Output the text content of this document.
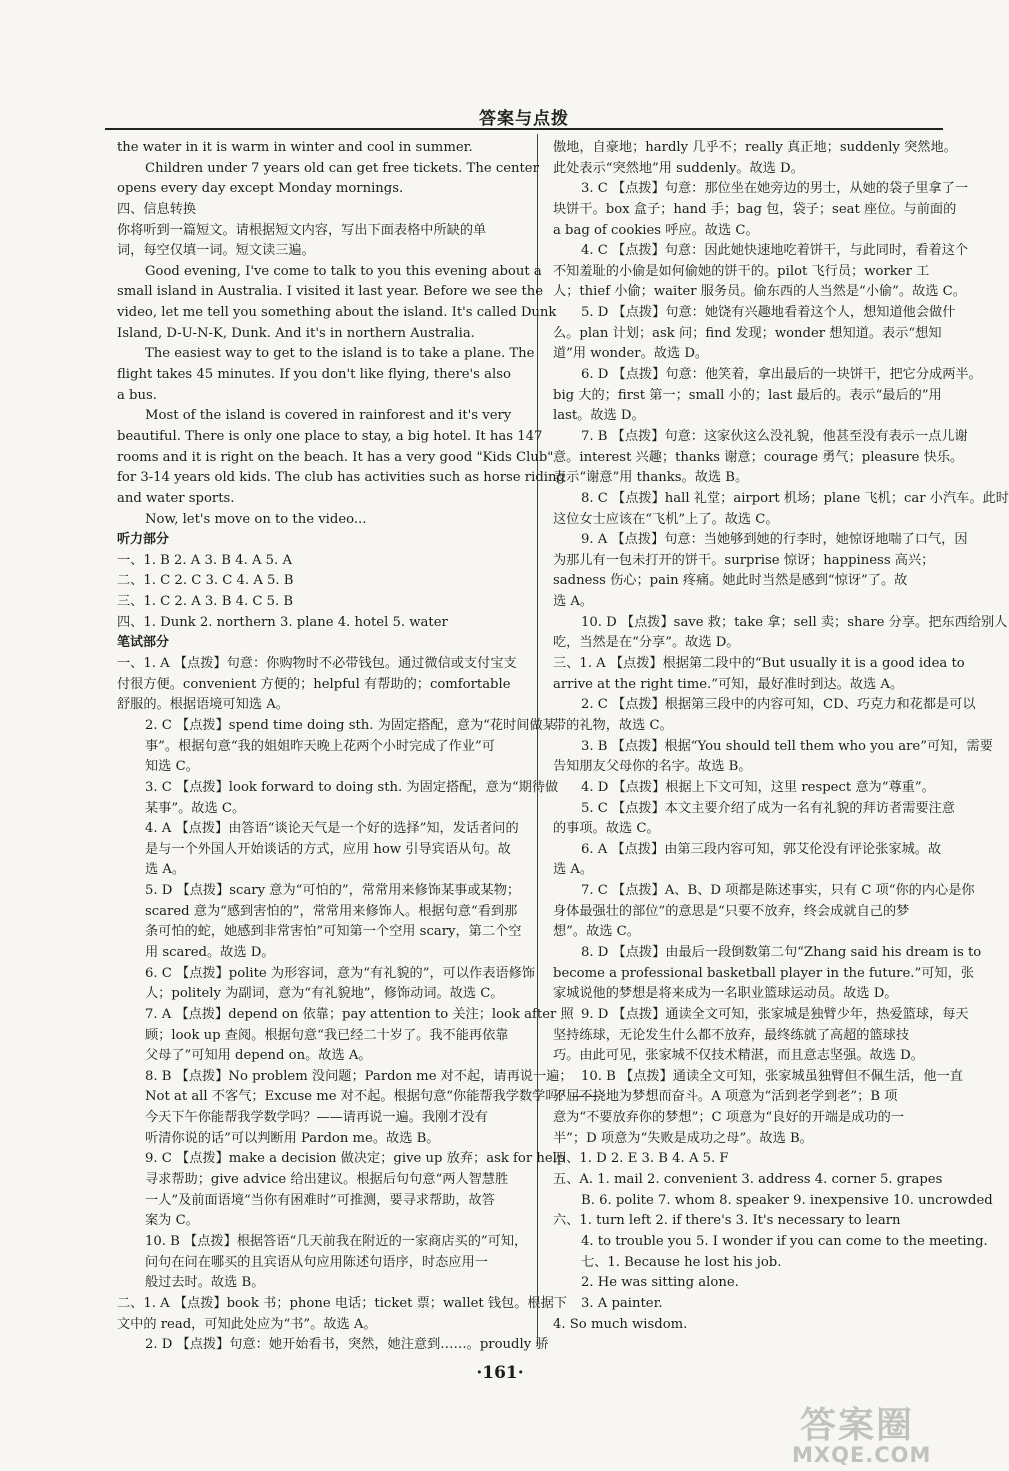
答案与点拨
the water in it is warm in winter and cool in summer.
Children under 7 years old can get free tickets. The center
opens every day except Monday mornings.
四、信息转换
你将听到一篇短文。请根据短文内容，写出下面表格中所缺的单
词，每空仅填一词。短文读三遍。
Good evening, I've come to talk to you this evening about a
small island in Australia. I visited it last year. Before we see the
video, let me tell you something about the island. It's called Dunk
Island, D-U-N-K, Dunk. And it's in northern Australia.
The easiest way to get to the island is to take a plane. The
flight takes 45 minutes. If you don't like flying, there's also
a bus.
Most of the island is covered in rainforest and it's very
beautiful. There is only one place to stay, a big hotel. It has 147
rooms and it is right on the beach. It has a very good "Kids Club"
for 3-14 years old kids. The club has activities such as horse riding
and water sports.
Now, let's move on to the video...
听力部分
一、1. B 2. A 3. B 4. A 5. A
二、1. C 2. C 3. C 4. A 5. B
三、1. C 2. A 3. B 4. C 5. B
四、1. Dunk 2. northern 3. plane 4. hotel 5. water
笔试部分
一、1. A 【点拨】句意：你购物时不必带钱包。通过微信或支付宝支
付很方便。convenient 方便的；helpful 有帮助的；comfortable
舒服的。根据语境可知选 A。
2. C 【点拨】spend time doing sth. 为固定搭配，意为“花时间做某
事”。根据句意“我的姐姐昨天晚上花两个小时完成了作业”可
知选 C。
3. C 【点拨】look forward to doing sth. 为固定搭配，意为“期待做
某事”。故选 C。
4. A 【点拨】由答语“谈论天气是一个好的选择”知，发话者问的
是与一个外国人开始谈话的方式，应用 how 引导宾语从句。故
选 A。
5. D 【点拨】scary 意为“可怕的”，常常用来修饰某事或某物；
scared 意为“感到害怕的”，常常用来修饰人。根据句意“看到那
条可怕的蛇，她感到非常害怕”可知第一个空用 scary，第二个空
用 scared。故选 D。
6. C 【点拨】polite 为形容词，意为“有礼貌的”，可以作表语修饰
人；politely 为副词，意为“有礼貌地”，修饰动词。故选 C。
7. A 【点拨】depend on 依靠；pay attention to 关注；look after 照
顾；look up 查阅。根据句意“我已经二十岁了。我不能再依靠
父母了”可知用 depend on。故选 A。
8. B 【点拨】No problem 没问题；Pardon me 对不起，请再说一遍；
Not at all 不客气；Excuse me 对不起。根据句意“你能帮我学数学吗？——
今天下午你能帮我学数学吗？——请再说一遍。我刚才没有
听清你说的话”可以判断用 Pardon me。故选 B。
9. C 【点拨】make a decision 做决定；give up 放弃；ask for help
寻求帮助；give advice 给出建议。根据后句句意“两人智慧胜
一人”及前面语境“当你有困难时”可推测，要寻求帮助，故答
案为 C。
10. B 【点拨】根据答语“几天前我在附近的一家商店买的”可知，
问句在问在哪买的且宾语从句应用陈述句语序，时态应用一
般过去时。故选 B。
二、1. A 【点拨】book 书；phone 电话；ticket 票；wallet 钱包。根据下
文中的 read，可知此处应为“书”。故选 A。
2. D 【点拨】句意：她开始看书，突然，她注意到……。proudly 骄
傲地，自豪地；hardly 几乎不；really 真正地；suddenly 突然地。
此处表示“突然地”用 suddenly。故选 D。
3. C 【点拨】句意：那位坐在她旁边的男士，从她的袋子里拿了一
块饼干。box 盒子；hand 手；bag 包，袋子；seat 座位。与前面的
a bag of cookies 呼应。故选 C。
4. C 【点拨】句意：因此她快速地吃着饼干，与此同时，看着这个
不知羞耻的小偷是如何偷她的饼干的。pilot 飞行员；worker 工
人；thief 小偷；waiter 服务员。偷东西的人当然是“小偷”。故选 C。
5. D 【点拨】句意：她饶有兴趣地看着这个人，想知道他会做什
么。plan 计划；ask 问；find 发现；wonder 想知道。表示“想知
道”用 wonder。故选 D。
6. D 【点拨】句意：他笑着，拿出最后的一块饼干，把它分成两半。
big 大的；first 第一；small 小的；last 最后的。表示“最后的”用
last。故选 D。
7. B 【点拨】句意：这家伙这么没礼貌，他甚至没有表示一点儿谢
意。interest 兴趣；thanks 谢意；courage 勇气；pleasure 快乐。
表示“谢意”用 thanks。故选 B。
8. C 【点拨】hall 礼堂；airport 机场；plane 飞机；car 小汽车。此时
这位女士应该在“飞机”上了。故选 C。
9. A 【点拨】句意：当她够到她的行李时，她惊讶地喘了口气，因
为那儿有一包未打开的饼干。surprise 惊讶；happiness 高兴；
sadness 伤心；pain 疼痛。她此时当然是感到“惊讶”了。故
选 A。
10. D 【点拨】save 救；take 拿；sell 卖；share 分享。把东西给别人
吃，当然是在“分享”。故选 D。
三、1. A 【点拨】根据第二段中的“But usually it is a good idea to
arrive at the right time.”可知，最好准时到达。故选 A。
2. C 【点拨】根据第三段中的内容可知，CD、巧克力和花都是可以
带的礼物，故选 C。
3. B 【点拨】根据“You should tell them who you are”可知，需要
告知朋友父母你的名字。故选 B。
4. D 【点拨】根据上下文可知，这里 respect 意为“尊重”。
5. C 【点拨】本文主要介绍了成为一名有礼貌的拜访者需要注意
的事项。故选 C。
6. A 【点拨】由第三段内容可知，郭艾伦没有评论张家城。故
选 A。
7. C 【点拨】A、B、D 项都是陈述事实，只有 C 项“你的内心是你
身体最强壮的部位”的意思是“只要不放弃，终会成就自己的梦
想”。故选 C。
8. D 【点拨】由最后一段倒数第二句“Zhang said his dream is to
become a professional basketball player in the future.”可知，张
家城说他的梦想是将来成为一名职业篮球运动员。故选 D。
9. D 【点拨】通读全文可知，张家城是独臂少年，热爱篮球，每天
坚持练球，无论发生什么都不放弃，最终练就了高超的篮球技
巧。由此可见，张家城不仅技术精湛，而且意志坚强。故选 D。
10. B 【点拨】通读全文可知，张家城虽独臂但不佩生活，他一直
不屈不挠地为梦想而奋斗。A 项意为“活到老学到老”；B 项
意为“不要放弃你的梦想”；C 项意为“良好的开端是成功的一
半”；D 项意为“失败是成功之母”。故选 B。
四、1. D 2. E 3. B 4. A 5. F
五、A. 1. mail 2. convenient 3. address 4. corner 5. grapes
B. 6. polite 7. whom 8. speaker 9. inexpensive 10. uncrowded
六、1. turn left 2. if there's 3. It's necessary to learn
4. to trouble you 5. I wonder if you can come to the meeting.
七、1. Because he lost his job.
2. He was sitting alone.
3. A painter.
4. So much wisdom.
·161·
答案圈
MXQE.COM
